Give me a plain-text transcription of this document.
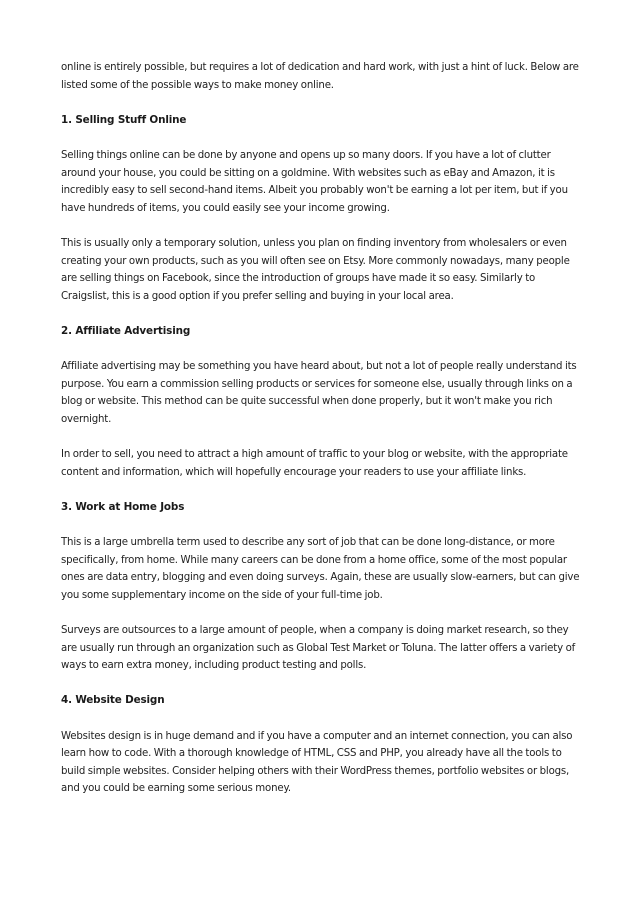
online is entirely possible, but requires a lot of dedication and hard work, with just a hint of luck. Below are listed some of the possible ways to make money online.

1. Selling Stuff Online

Selling things online can be done by anyone and opens up so many doors. If you have a lot of clutter around your house, you could be sitting on a goldmine. With websites such as eBay and Amazon, it is incredibly easy to sell second-hand items. Albeit you probably won't be earning a lot per item, but if you have hundreds of items, you could easily see your income growing.

This is usually only a temporary solution, unless you plan on finding inventory from wholesalers or even creating your own products, such as you will often see on Etsy. More commonly nowadays, many people are selling things on Facebook, since the introduction of groups have made it so easy. Similarly to Craigslist, this is a good option if you prefer selling and buying in your local area.

2. Affiliate Advertising

Affiliate advertising may be something you have heard about, but not a lot of people really understand its purpose. You earn a commission selling products or services for someone else, usually through links on a blog or website. This method can be quite successful when done properly, but it won't make you rich overnight.

In order to sell, you need to attract a high amount of traffic to your blog or website, with the appropriate content and information, which will hopefully encourage your readers to use your affiliate links.

3. Work at Home Jobs

This is a large umbrella term used to describe any sort of job that can be done long-distance, or more specifically, from home. While many careers can be done from a home office, some of the most popular ones are data entry, blogging and even doing surveys. Again, these are usually slow-earners, but can give you some supplementary income on the side of your full-time job.

Surveys are outsources to a large amount of people, when a company is doing market research, so they are usually run through an organization such as Global Test Market or Toluna. The latter offers a variety of ways to earn extra money, including product testing and polls.

4. Website Design

Websites design is in huge demand and if you have a computer and an internet connection, you can also learn how to code. With a thorough knowledge of HTML, CSS and PHP, you already have all the tools to build simple websites. Consider helping others with their WordPress themes, portfolio websites or blogs, and you could be earning some serious money.
